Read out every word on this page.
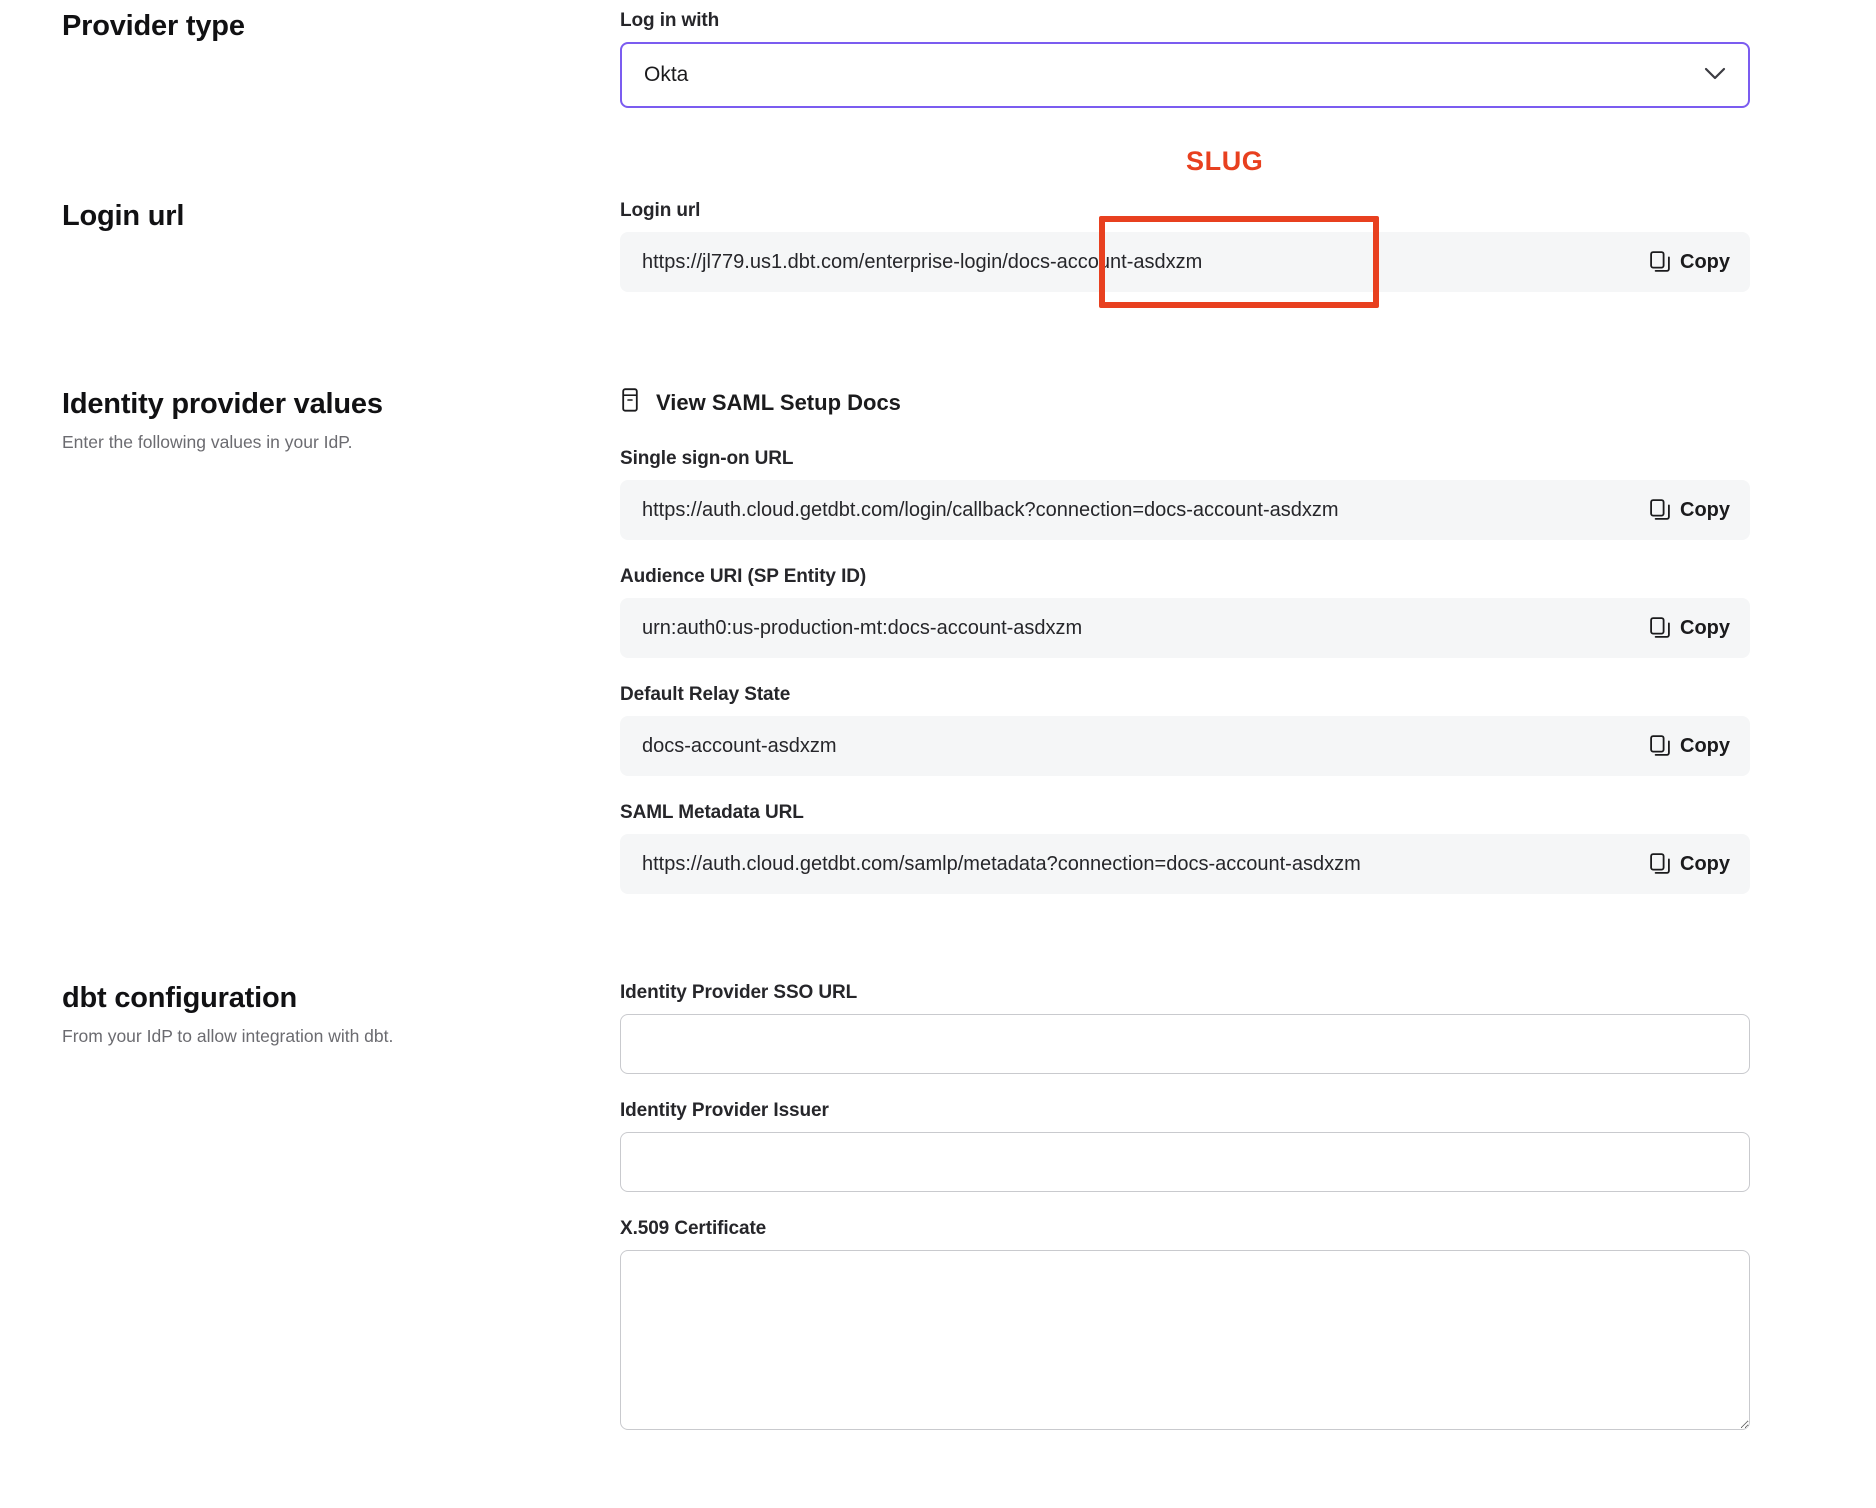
Provider type	Log in with
Okta
Login url	Login url
SLUG
https://jl779.us1.dbt.com/enterprise-login/docs-account-asdxzm	Copy
Identity provider values
Enter the following values in your IdP.
View SAML Setup Docs
Single sign-on URL
https://auth.cloud.getdbt.com/login/callback?connection=docs-account-asdxzm	Copy
Audience URI (SP Entity ID)
urn:auth0:us-production-mt:docs-account-asdxzm	Copy
Default Relay State
docs-account-asdxzm	Copy
SAML Metadata URL
https://auth.cloud.getdbt.com/samlp/metadata?connection=docs-account-asdxzm	Copy
dbt configuration
From your IdP to allow integration with dbt.
Identity Provider SSO URL
Identity Provider Issuer
X.509 Certificate
